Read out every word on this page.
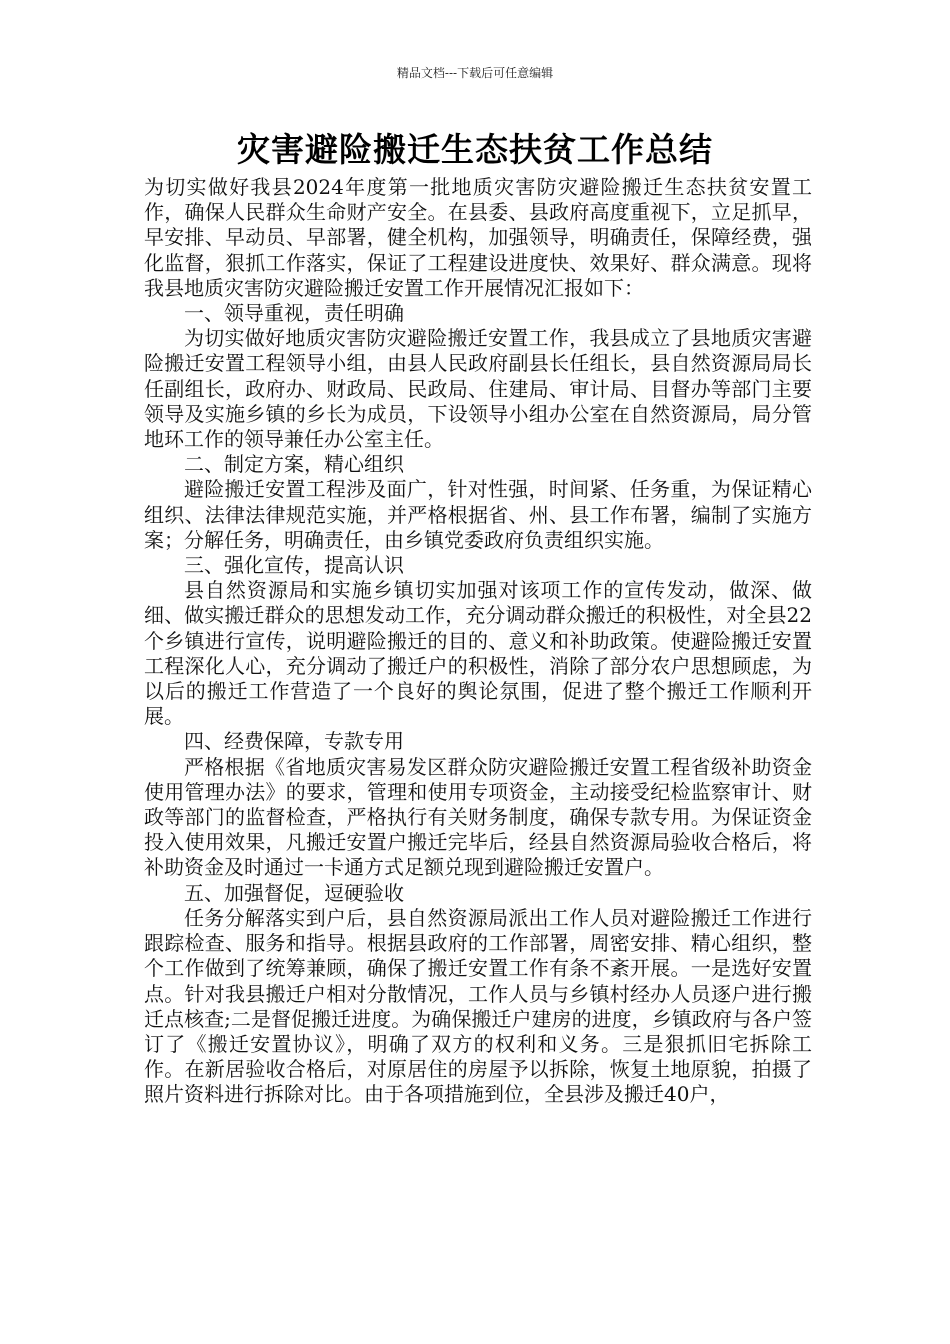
精品文档---下载后可任意编辑
灾害避险搬迁生态扶贫工作总结

为切实做好我县2024年度第一批地质灾害防灾避险搬迁生态扶贫安置工作，确保人民群众生命财产安全。在县委、县政府高度重视下，立足抓早，早安排、早动员、早部署，健全机构，加强领导，明确责任，保障经费，强化监督，狠抓工作落实，保证了工程建设进度快、效果好、群众满意。现将我县地质灾害防灾避险搬迁安置工作开展情况汇报如下：

一、领导重视，责任明确

为切实做好地质灾害防灾避险搬迁安置工作，我县成立了县地质灾害避险搬迁安置工程领导小组，由县人民政府副县长任组长，县自然资源局局长任副组长，政府办、财政局、民政局、住建局、审计局、目督办等部门主要领导及实施乡镇的乡长为成员，下设领导小组办公室在自然资源局，局分管地环工作的领导兼任办公室主任。

二、制定方案，精心组织

避险搬迁安置工程涉及面广，针对性强，时间紧、任务重，为保证精心组织、法律法律规范实施，并严格根据省、州、县工作布署，编制了实施方案；分解任务，明确责任，由乡镇党委政府负责组织实施。

三、强化宣传，提高认识

县自然资源局和实施乡镇切实加强对该项工作的宣传发动，做深、做细、做实搬迁群众的思想发动工作，充分调动群众搬迁的积极性，对全县22个乡镇进行宣传，说明避险搬迁的目的、意义和补助政策。使避险搬迁安置工程深化人心，充分调动了搬迁户的积极性，消除了部分农户思想顾虑，为以后的搬迁工作营造了一个良好的舆论氛围，促进了整个搬迁工作顺利开展。

四、经费保障，专款专用

严格根据《省地质灾害易发区群众防灾避险搬迁安置工程省级补助资金使用管理办法》的要求，管理和使用专项资金，主动接受纪检监察审计、财政等部门的监督检查，严格执行有关财务制度，确保专款专用。为保证资金投入使用效果，凡搬迁安置户搬迁完毕后，经县自然资源局验收合格后，将补助资金及时通过一卡通方式足额兑现到避险搬迁安置户。

五、加强督促，逗硬验收

任务分解落实到户后，县自然资源局派出工作人员对避险搬迁工作进行跟踪检查、服务和指导。根据县政府的工作部署，周密安排、精心组织，整个工作做到了统筹兼顾，确保了搬迁安置工作有条不紊开展。一是选好安置点。针对我县搬迁户相对分散情况，工作人员与乡镇村经办人员逐户进行搬迁点核查;二是督促搬迁进度。为确保搬迁户建房的进度，乡镇政府与各户签订了《搬迁安置协议》，明确了双方的权利和义务。三是狠抓旧宅拆除工作。在新居验收合格后，对原居住的房屋予以拆除，恢复土地原貌，拍摄了照片资料进行拆除对比。由于各项措施到位，全县涉及搬迁40户，
